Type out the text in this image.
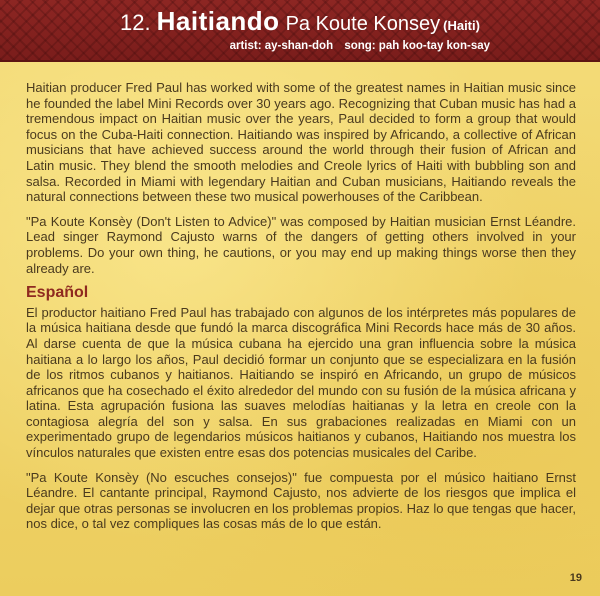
12. Haitiando Pa Koute Konsey (Haiti)
artist: ay-shan-doh song: pah koo-tay kon-say

Haitian producer Fred Paul has worked with some of the greatest names in Haitian music since he founded the label Mini Records over 30 years ago. Recognizing that Cuban music has had a tremendous impact on Haitian music over the years, Paul decided to form a group that would focus on the Cuba-Haiti connection. Haitiando was inspired by Africando, a collective of African musicians that have achieved success around the world through their fusion of African and Latin music. They blend the smooth melodies and Creole lyrics of Haiti with bubbling son and salsa. Recorded in Miami with legendary Haitian and Cuban musicians, Haitiando reveals the natural connections between these two musical powerhouses of the Caribbean.

"Pa Koute Konsèy (Don't Listen to Advice)" was composed by Haitian musician Ernst Léandre. Lead singer Raymond Cajusto warns of the dangers of getting others involved in your problems. Do your own thing, he cautions, or you may end up making things worse then they already are.

Español

El productor haitiano Fred Paul has trabajado con algunos de los intérpretes más populares de la música haitiana desde que fundó la marca discográfica Mini Records hace más de 30 años. Al darse cuenta de que la música cubana ha ejercido una gran influencia sobre la música haitiana a lo largo los años, Paul decidió formar un conjunto que se especializara en la fusión de los ritmos cubanos y haitianos. Haitiando se inspiró en Africando, un grupo de músicos africanos que ha cosechado el éxito alrededor del mundo con su fusión de la música africana y latina. Esta agrupación fusiona las suaves melodías haitianas y la letra en creole con la contagiosa alegría del son y salsa. En sus grabaciones realizadas en Miami con un experimentado grupo de legendarios músicos haitianos y cubanos, Haitiando nos muestra los vínculos naturales que existen entre esas dos potencias musicales del Caribe.

"Pa Koute Konsèy (No escuches consejos)" fue compuesta por el músico haitiano Ernst Léandre. El cantante principal, Raymond Cajusto, nos advierte de los riesgos que implica el dejar que otras personas se involucren en los problemas propios. Haz lo que tengas que hacer, nos dice, o tal vez compliques las cosas más de lo que están.

19
